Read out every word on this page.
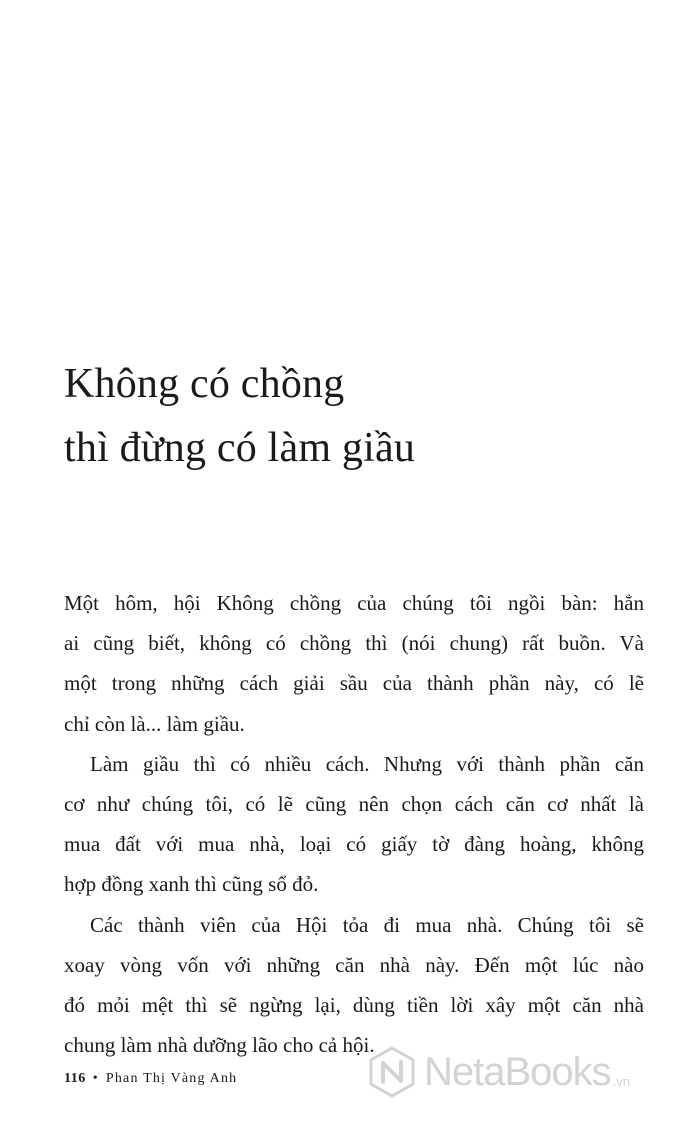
Không có chồng
thì đừng có làm giầu
Một hôm, hội Không chồng của chúng tôi ngồi bàn: hẳn
ai cũng biết, không có chồng thì (nói chung) rất buồn. Và
một trong những cách giải sầu của thành phần này, có lẽ
chỉ còn là... làm giầu.
Làm giầu thì có nhiều cách. Nhưng với thành phần căn
cơ như chúng tôi, có lẽ cũng nên chọn cách căn cơ nhất là
mua đất với mua nhà, loại có giấy tờ đàng hoàng, không
hợp đồng xanh thì cũng sổ đỏ.
Các thành viên của Hội tỏa đi mua nhà. Chúng tôi sẽ
xoay vòng vốn với những căn nhà này. Đến một lúc nào
đó mỏi mệt thì sẽ ngừng lại, dùng tiền lời xây một căn nhà
chung làm nhà dưỡng lão cho cả hội.
116 • Phan Thị Vàng Anh	NetaBooks .vn
